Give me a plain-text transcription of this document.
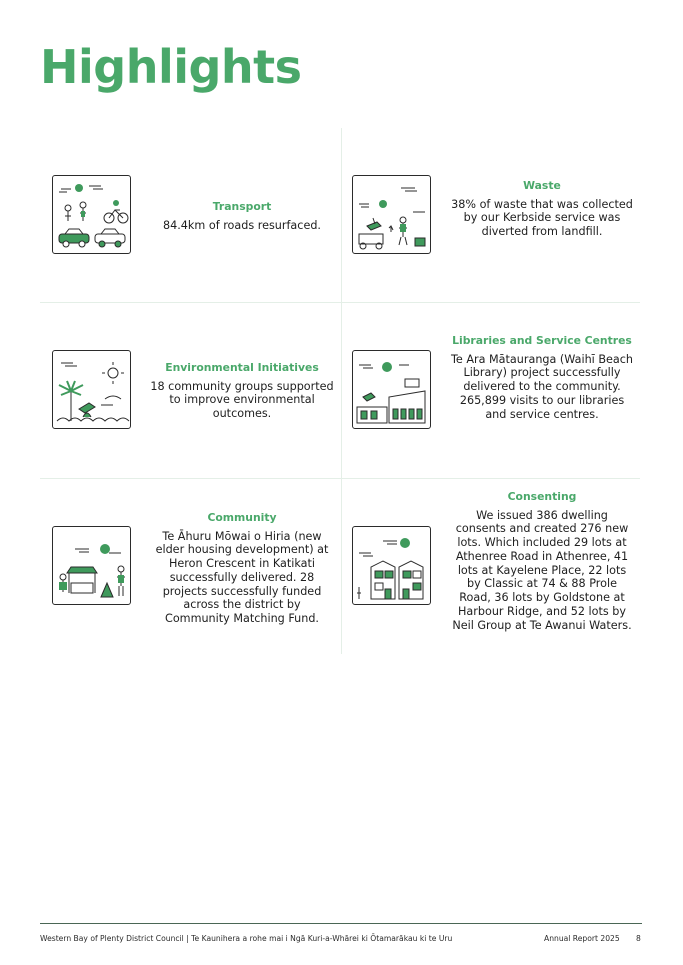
Highlights
Transport

84.4km of roads resurfaced.

Waste

38% of waste that was collected by our Kerbside service was diverted from landfill.

Environmental Initiatives

18 community groups supported to improve environmental outcomes.

Libraries and Service Centres

Te Ara Mātauranga (Waihī Beach Library) project successfully delivered to the community. 265,899 visits to our libraries and service centres.

Community

Te Āhuru Mōwai o Hiria (new elder housing development) at Heron Crescent in Katikati successfully delivered. 28 projects successfully funded across the district by Community Matching Fund.

Consenting

We issued 386 dwelling consents and created 276 new lots. Which included 29 lots at Athenree Road in Athenree, 41 lots at Kayelene Place, 22 lots by Classic at 74 & 88 Prole Road, 36 lots by Goldstone at Harbour Ridge, and 52 lots by Neil Group at Te Awanui Waters.

Western Bay of Plenty District Council | Te Kaunihera a rohe mai i Ngā Kuri-a-Whārei ki Ōtamarākau ki te Uru	Annual Report 2025 8
